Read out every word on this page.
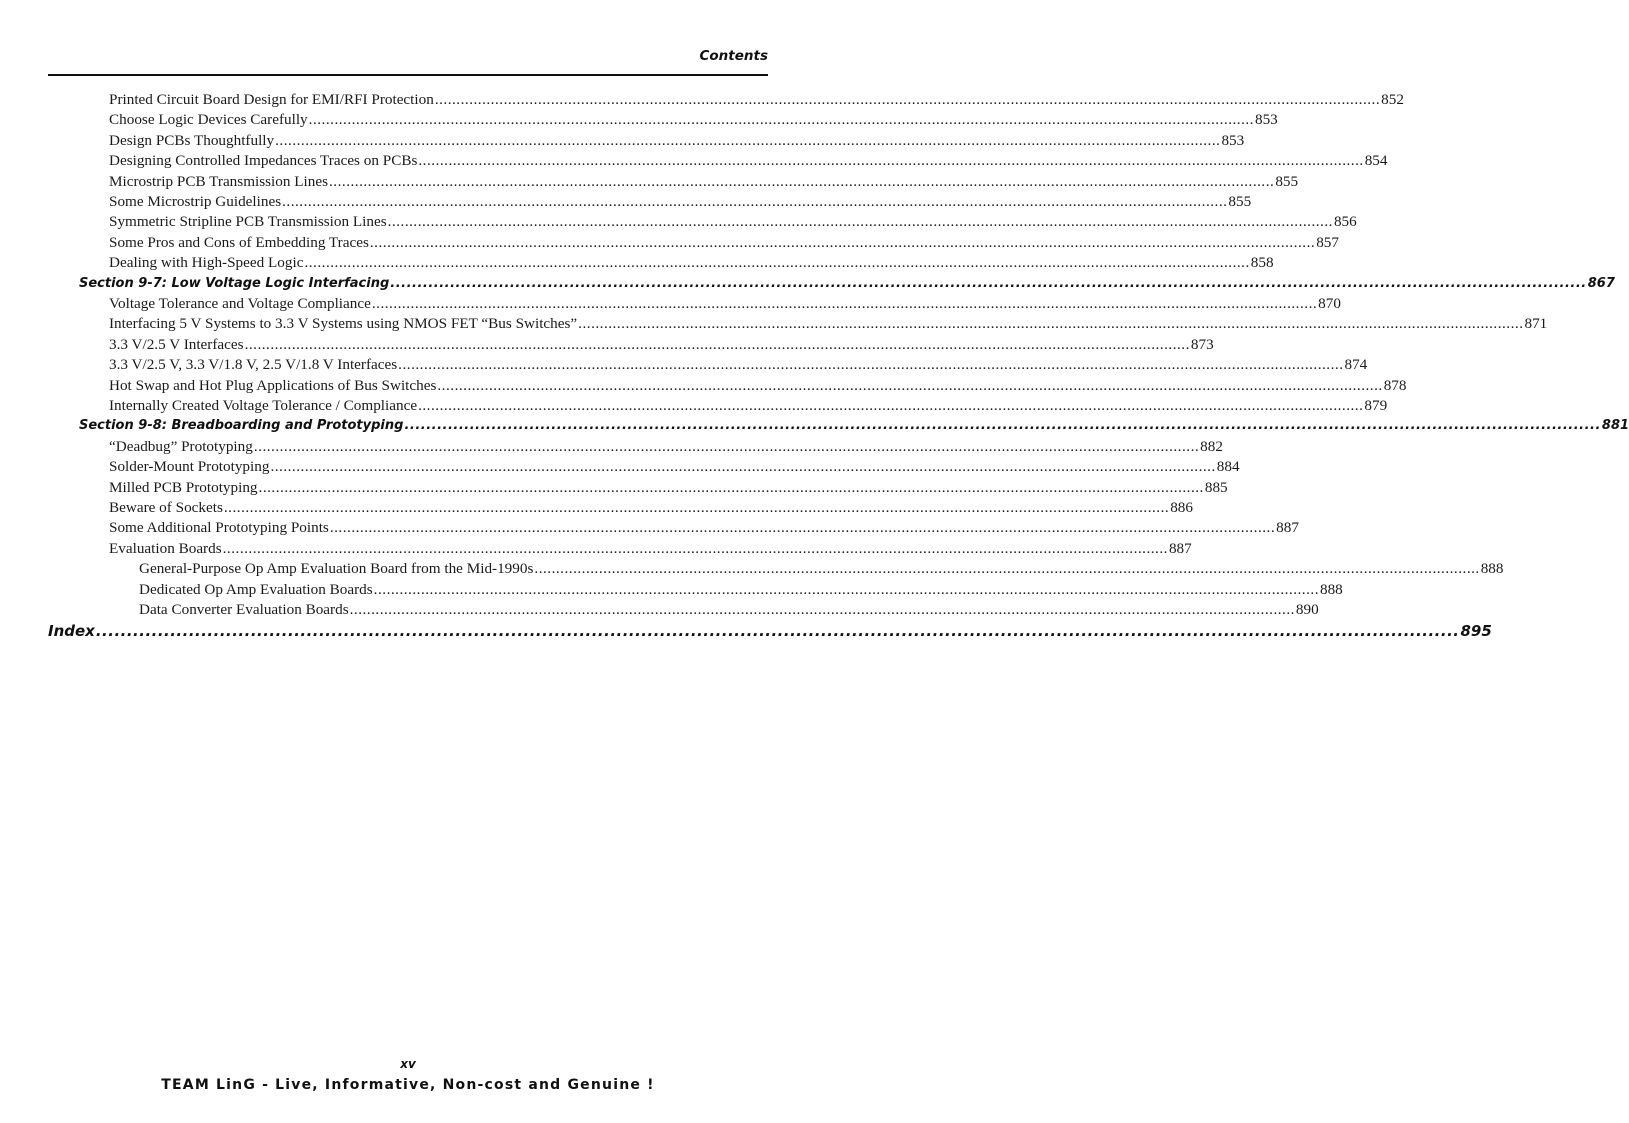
Contents
Printed Circuit Board Design for EMI/RFI Protection ............................................................................................................................................................................................................................ 852
Choose Logic Devices Carefully ............................................................................................................................................................................................................................ 853
Design PCBs Thoughtfully ............................................................................................................................................................................................................................ 853
Designing Controlled Impedances Traces on PCBs ............................................................................................................................................................................................................................ 854
Microstrip PCB Transmission Lines ............................................................................................................................................................................................................................ 855
Some Microstrip Guidelines ............................................................................................................................................................................................................................ 855
Symmetric Stripline PCB Transmission Lines ............................................................................................................................................................................................................................ 856
Some Pros and Cons of Embedding Traces ............................................................................................................................................................................................................................ 857
Dealing with High-Speed Logic ............................................................................................................................................................................................................................ 858
Section 9-7: Low Voltage Logic Interfacing ............................................................................................................................................................................................................................ 867
Voltage Tolerance and Voltage Compliance ............................................................................................................................................................................................................................ 870
Interfacing 5 V Systems to 3.3 V Systems using NMOS FET “Bus Switches” ............................................................................................................................................................................................................................ 871
3.3 V/2.5 V Interfaces ............................................................................................................................................................................................................................ 873
3.3 V/2.5 V, 3.3 V/1.8 V, 2.5 V/1.8 V Interfaces ............................................................................................................................................................................................................................ 874
Hot Swap and Hot Plug Applications of Bus Switches ............................................................................................................................................................................................................................ 878
Internally Created Voltage Tolerance / Compliance ............................................................................................................................................................................................................................ 879
Section 9-8: Breadboarding and Prototyping ............................................................................................................................................................................................................................ 881
“Deadbug” Prototyping ............................................................................................................................................................................................................................ 882
Solder-Mount Prototyping ............................................................................................................................................................................................................................ 884
Milled PCB Prototyping ............................................................................................................................................................................................................................ 885
Beware of Sockets ............................................................................................................................................................................................................................ 886
Some Additional Prototyping Points ............................................................................................................................................................................................................................ 887
Evaluation Boards ............................................................................................................................................................................................................................ 887
General-Purpose Op Amp Evaluation Board from the Mid-1990s ............................................................................................................................................................................................................................ 888
Dedicated Op Amp Evaluation Boards ............................................................................................................................................................................................................................ 888
Data Converter Evaluation Boards ............................................................................................................................................................................................................................ 890
Index ............................................................................................................................................................................................................................ 895
xv
TEAM LinG - Live, Informative, Non-cost and Genuine !
